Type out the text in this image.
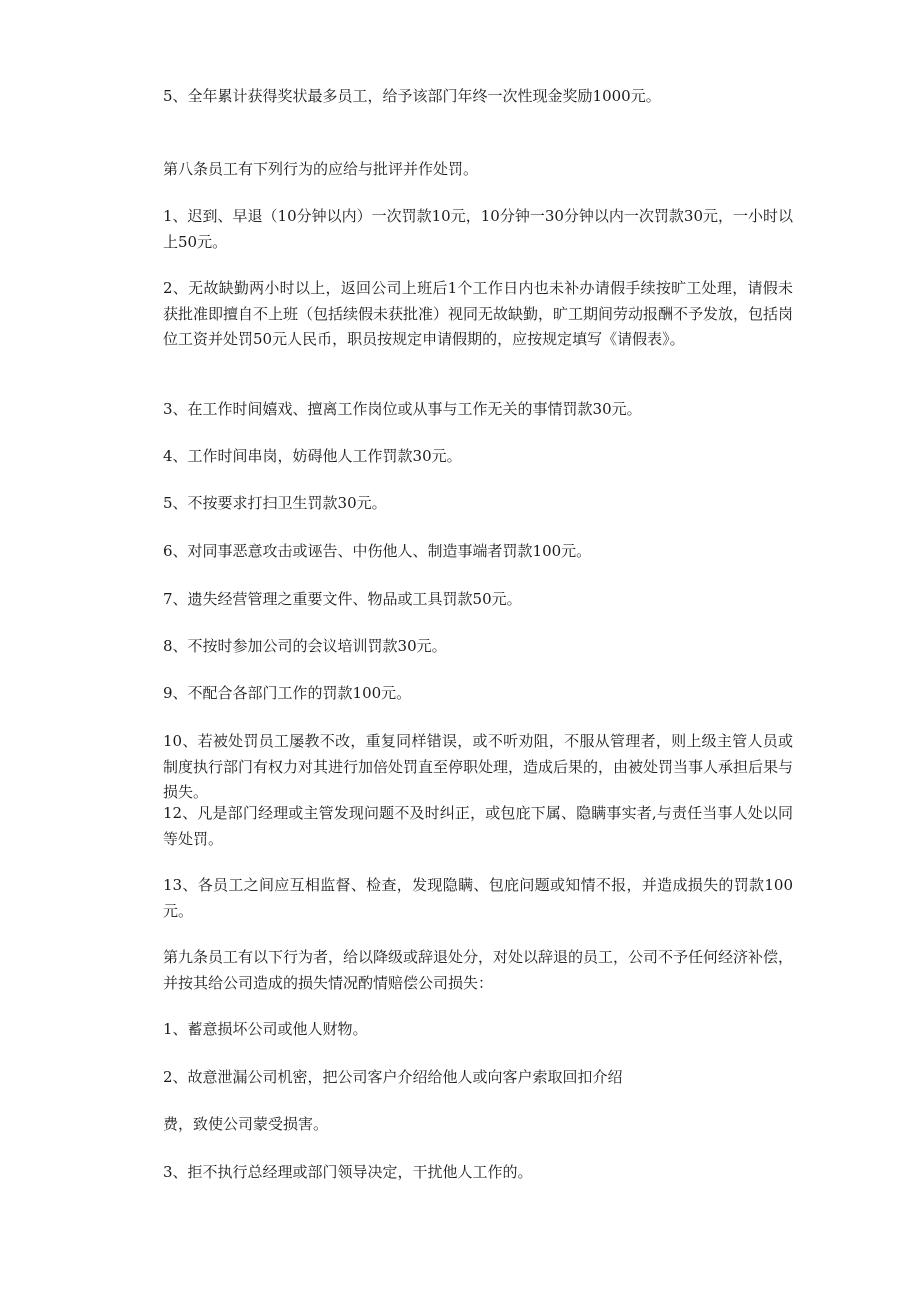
5、全年累计获得奖状最多员工，给予该部门年终一次性现金奖励1000元。

第八条员工有下列行为的应给与批评并作处罚。

1、迟到、早退（10分钟以内）一次罚款10元，10分钟一30分钟以内一次罚款30元，一小时以上50元。

2、无故缺勤两小时以上，返回公司上班后1个工作日内也未补办请假手续按旷工处理，请假未获批准即擅自不上班（包括续假未获批准）视同无故缺勤，旷工期间劳动报酬不予发放，包括岗位工资并处罚50元人民币，职员按规定申请假期的，应按规定填写《请假表》。

3、在工作时间嬉戏、擅离工作岗位或从事与工作无关的事情罚款30元。

4、工作时间串岗，妨碍他人工作罚款30元。

5、不按要求打扫卫生罚款30元。

6、对同事恶意攻击或诬告、中伤他人、制造事端者罚款100元。

7、遗失经营管理之重要文件、物品或工具罚款50元。

8、不按时参加公司的会议培训罚款30元。

9、不配合各部门工作的罚款100元。

10、若被处罚员工屡教不改，重复同样错误，或不听劝阻，不服从管理者，则上级主管人员或制度执行部门有权力对其进行加倍处罚直至停职处理，造成后果的，由被处罚当事人承担后果与损失。

12、凡是部门经理或主管发现问题不及时纠正，或包庇下属、隐瞒事实者,与责任当事人处以同等处罚。

13、各员工之间应互相监督、检查，发现隐瞒、包庇问题或知情不报，并造成损失的罚款100元。

第九条员工有以下行为者，给以降级或辞退处分，对处以辞退的员工，公司不予任何经济补偿，并按其给公司造成的损失情况酌情赔偿公司损失：

1、蓄意损坏公司或他人财物。

2、故意泄漏公司机密，把公司客户介绍给他人或向客户索取回扣介绍

费，致使公司蒙受损害。

3、拒不执行总经理或部门领导决定，干扰他人工作的。
